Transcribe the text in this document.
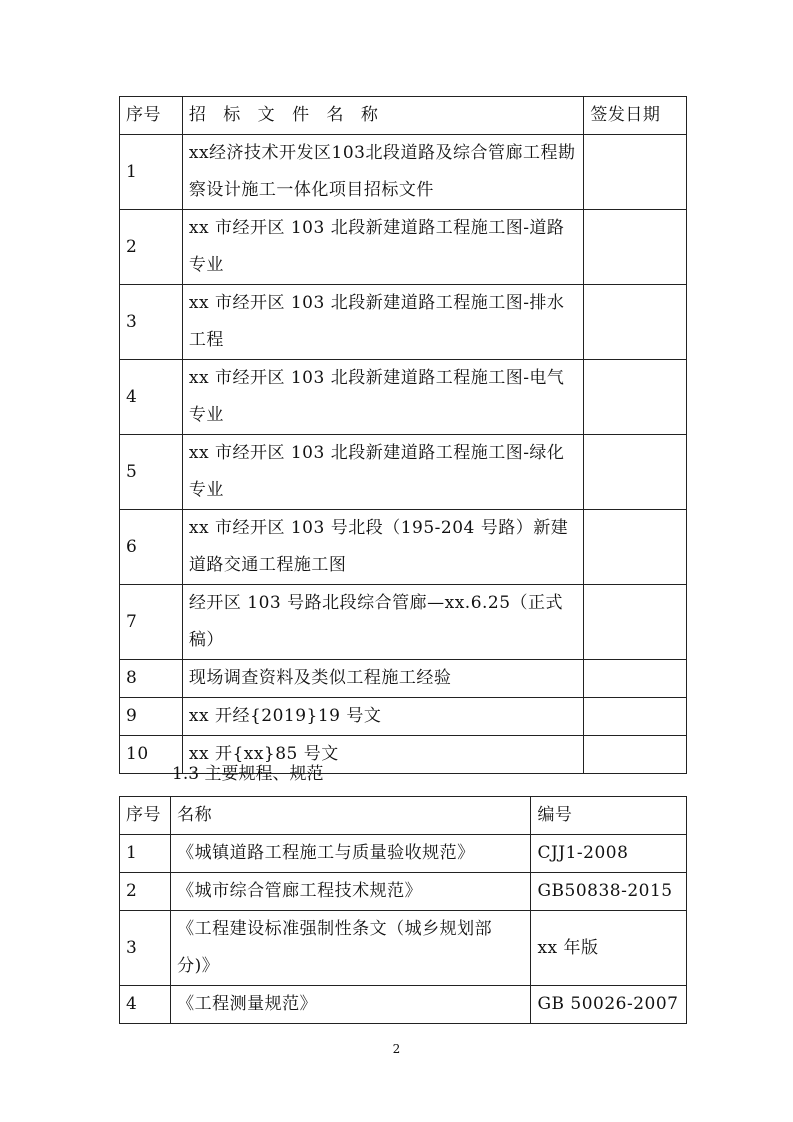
序号	招 标 文 件 名 称	签发日期
1	xx经济技术开发区103北段道路及综合管廊工程勘察设计施工一体化项目招标文件	
2	xx 市经开区 103 北段新建道路工程施工图-道路专业	
3	xx 市经开区 103 北段新建道路工程施工图-排水工程	
4	xx 市经开区 103 北段新建道路工程施工图-电气专业	
5	xx 市经开区 103 北段新建道路工程施工图-绿化专业	
6	xx 市经开区 103 号北段（195-204 号路）新建道路交通工程施工图	
7	经开区 103 号路北段综合管廊—xx.6.25（正式稿）	
8	现场调查资料及类似工程施工经验	
9	xx 开经{2019}19 号文	
10	xx 开{xx}85 号文	
1.3 主要规程、规范
序号	名称	编号
1	《城镇道路工程施工与质量验收规范》	CJJ1-2008
2	《城市综合管廊工程技术规范》	GB50838-2015
3	《工程建设标准强制性条文（城乡规划部分)》	xx 年版
4	《工程测量规范》	GB 50026-2007
2
